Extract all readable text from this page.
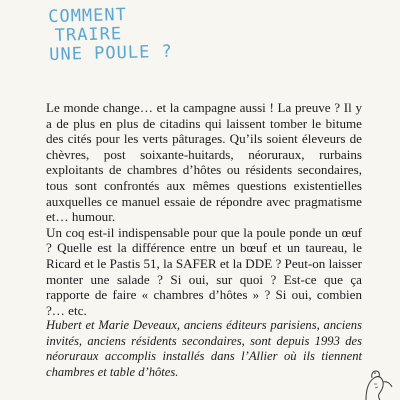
COMMENT
TRAIRE
UNE POULE ?

Le monde change… et la campagne aussi ! La preuve ? Il y a de plus en plus de citadins qui laissent tomber le bitume des cités pour les verts pâturages. Qu’ils soient éleveurs de chèvres, post soixante-huitards, néoruraux, rurbains exploitants de chambres d’hôtes ou résidents secondaires, tous sont confrontés aux mêmes questions existentielles auxquelles ce manuel essaie de répondre avec pragmatisme et… humour.

Un coq est-il indispensable pour que la poule ponde un œuf ? Quelle est la différence entre un bœuf et un taureau, le Ricard et le Pastis 51, la SAFER et la DDE ? Peut-on laisser monter une salade ? Si oui, sur quoi ? Est-ce que ça rapporte de faire « chambres d’hôtes » ? Si oui, combien ?… etc.

Hubert et Marie Deveaux, anciens éditeurs parisiens, anciens invités, anciens résidents secondaires, sont depuis 1993 des néoruraux accomplis installés dans l’Allier où ils tiennent chambres et table d’hôtes.
